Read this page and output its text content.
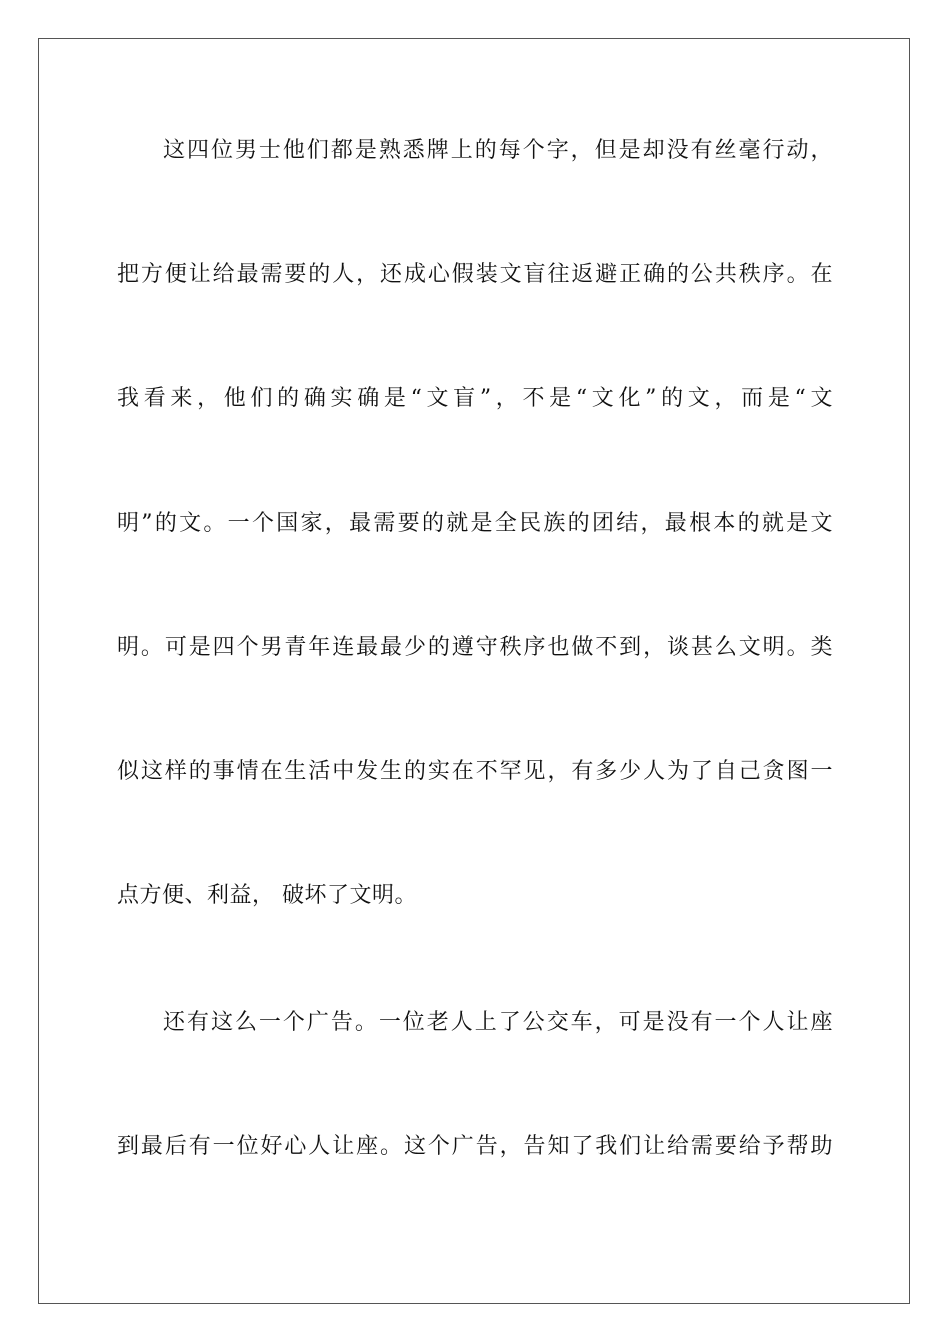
这四位男士他们都是熟悉牌上的每个字，但是却没有丝毫行动，
把方便让给最需要的人，还成心假装文盲往返避正确的公共秩序。在
我看来，他们的确实确是“文盲”，不是“文化”的文，而是“文
明”的文。一个国家，最需要的就是全民族的团结，最根本的就是文
明。可是四个男青年连最最少的遵守秩序也做不到，谈甚么文明。类
似这样的事情在生活中发生的实在不罕见，有多少人为了自己贪图一
点方便、利益， 破坏了文明。
还有这么一个广告。一位老人上了公交车，可是没有一个人让座
到最后有一位好心人让座。这个广告，告知了我们让给需要给予帮助
